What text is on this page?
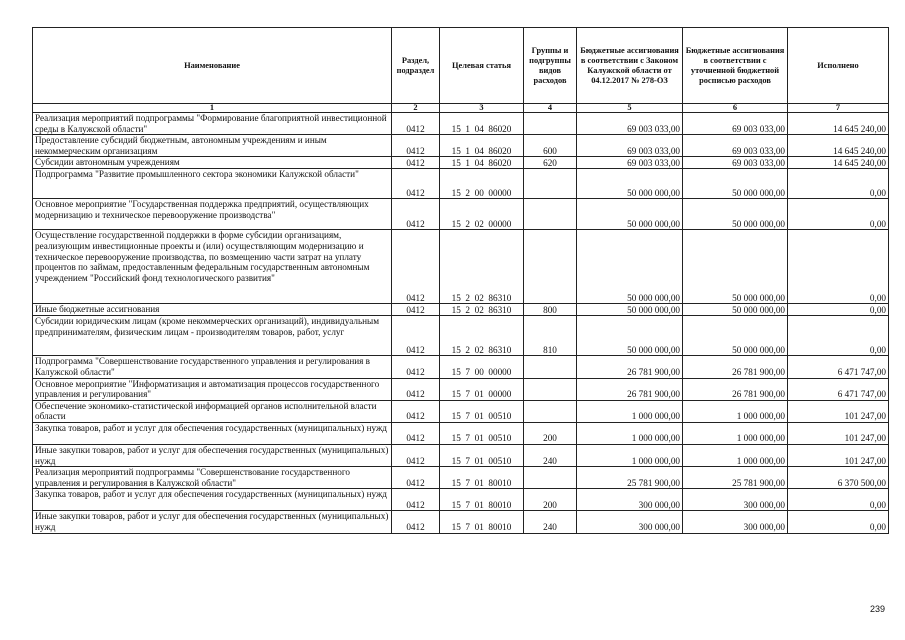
Наименование	Раздел, подраздел	Целевая статья	Группы и подгруппы видов расходов	Бюджетные ассигнования в соответствии с Законом Калужской области от 04.12.2017 № 278-ОЗ	Бюджетные ассигнования в соответствии с уточненной бюджетной росписью расходов	Исполнено
1	2	3	4	5	6	7
Реализация мероприятий подпрограммы "Формирование благоприятной инвестиционной среды в Калужской области"	0412	15  1  04  86020		69 003 033,00	69 003 033,00	14 645 240,00
Предоставление субсидий бюджетным, автономным учреждениям и иным некоммерческим организациям	0412	15  1  04  86020	600	69 003 033,00	69 003 033,00	14 645 240,00
Субсидии автономным учреждениям	0412	15  1  04  86020	620	69 003 033,00	69 003 033,00	14 645 240,00
Подпрограмма "Развитие промышленного сектора экономики Калужской области"	0412	15  2  00  00000		50 000 000,00	50 000 000,00	0,00
Основное мероприятие "Государственная поддержка предприятий, осуществляющих модернизацию и техническое перевооружение производства"	0412	15  2  02  00000		50 000 000,00	50 000 000,00	0,00
Осуществление государственной поддержки в форме субсидии организациям, реализующим инвестиционные проекты и (или) осуществляющим модернизацию и техническое перевооружение производства, по возмещению части затрат на уплату процентов по займам, предоставленным федеральным государственным автономным учреждением "Российский фонд технологического развития"	0412	15  2  02  86310		50 000 000,00	50 000 000,00	0,00
Иные бюджетные ассигнования	0412	15  2  02  86310	800	50 000 000,00	50 000 000,00	0,00
Субсидии юридическим лицам (кроме некоммерческих организаций), индивидуальным предпринимателям, физическим лицам - производителям товаров, работ, услуг	0412	15  2  02  86310	810	50 000 000,00	50 000 000,00	0,00
Подпрограмма "Совершенствование государственного управления и регулирования в Калужской области"	0412	15  7  00  00000		26 781 900,00	26 781 900,00	6 471 747,00
Основное мероприятие "Информатизация и автоматизация процессов государственного управления и регулирования"	0412	15  7  01  00000		26 781 900,00	26 781 900,00	6 471 747,00
Обеспечение экономико-статистической информацией органов исполнительной власти области	0412	15  7  01  00510		1 000 000,00	1 000 000,00	101 247,00
Закупка товаров, работ и услуг для обеспечения государственных (муниципальных) нужд	0412	15  7  01  00510	200	1 000 000,00	1 000 000,00	101 247,00
Иные закупки товаров, работ и услуг для обеспечения государственных (муниципальных) нужд	0412	15  7  01  00510	240	1 000 000,00	1 000 000,00	101 247,00
Реализация мероприятий подпрограммы "Совершенствование государственного управления и регулирования в Калужской области"	0412	15  7  01  80010		25 781 900,00	25 781 900,00	6 370 500,00
Закупка товаров, работ и услуг для обеспечения государственных (муниципальных) нужд	0412	15  7  01  80010	200	300 000,00	300 000,00	0,00
Иные закупки товаров, работ и услуг для обеспечения государственных (муниципальных) нужд	0412	15  7  01  80010	240	300 000,00	300 000,00	0,00
239
